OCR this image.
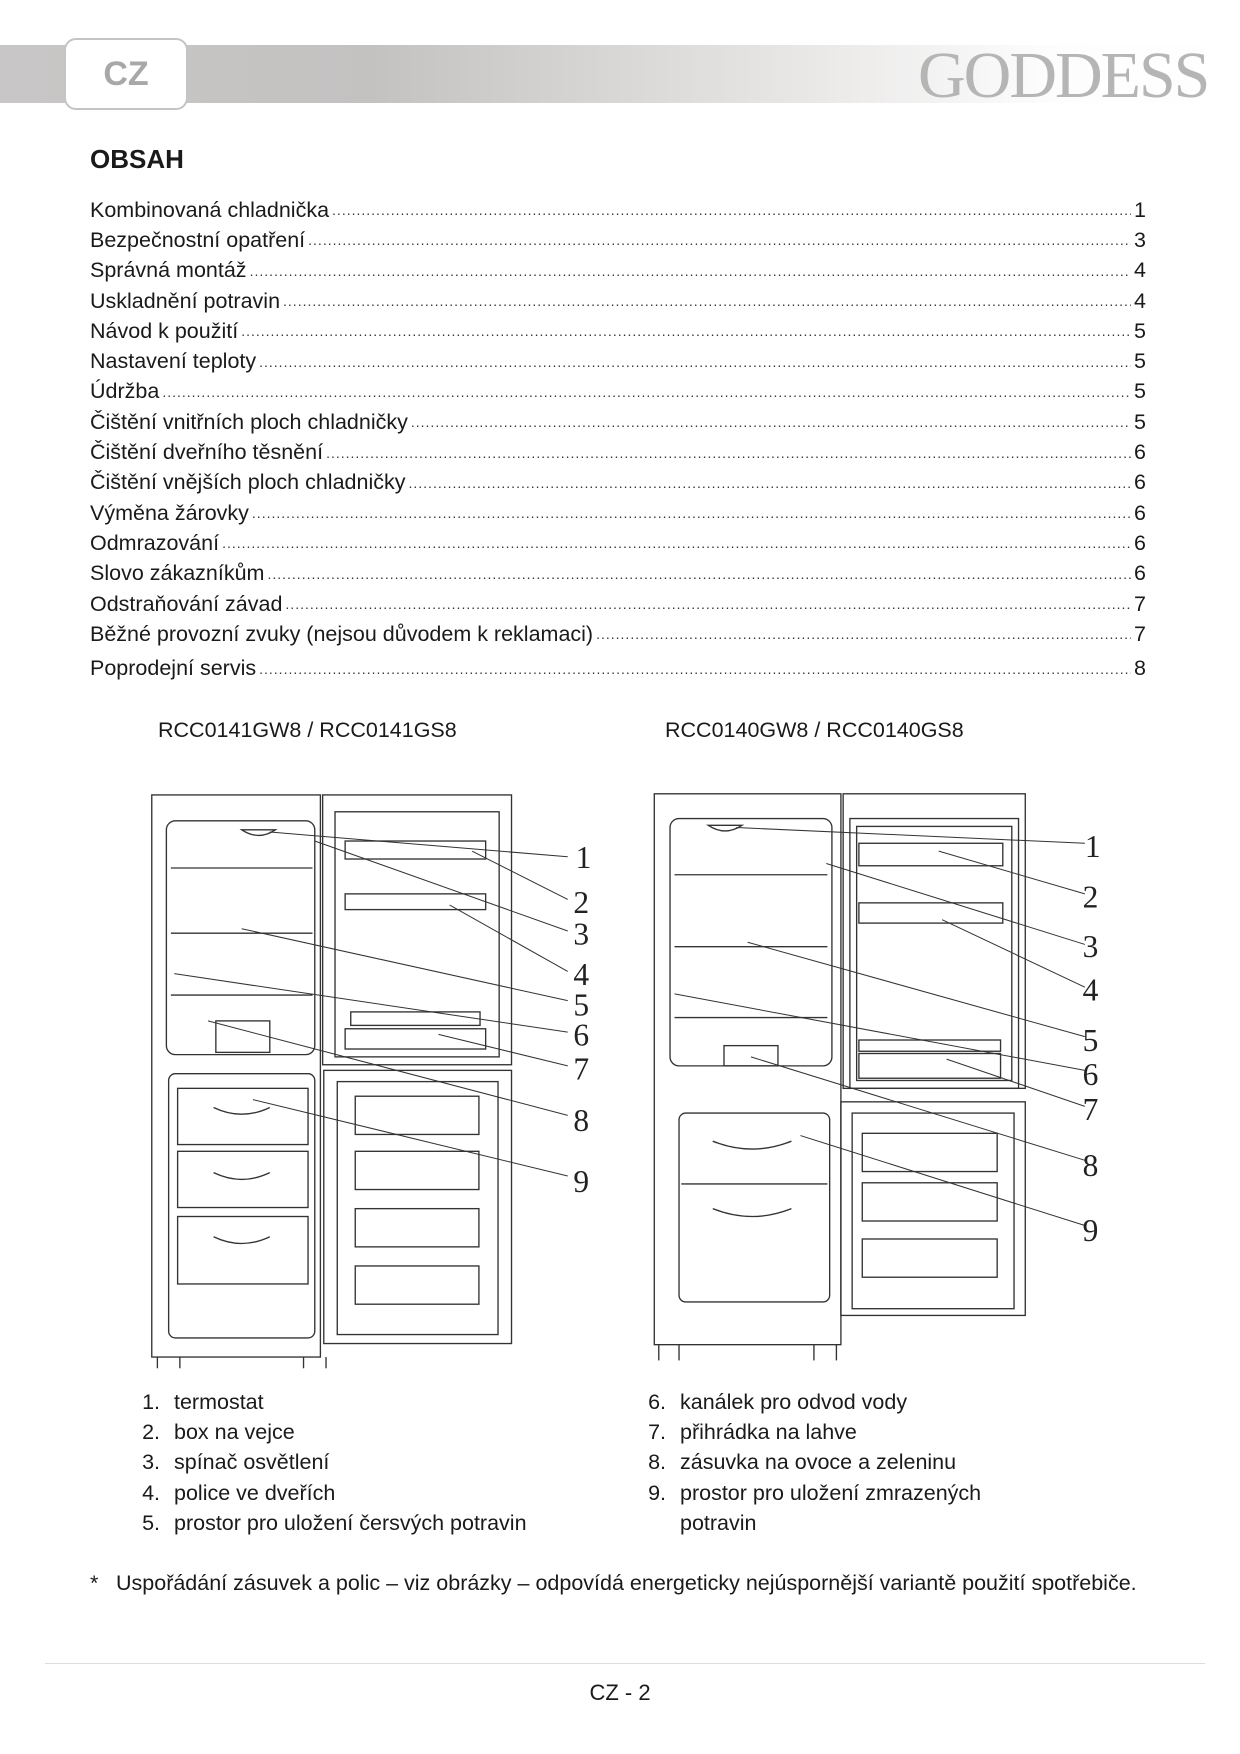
CZ	GODDESS
OBSAH
Kombinovaná chladnička .....	1
Bezpečnostní opatření .....	3
Správná montáž .....	4
Uskladnění potravin .....	4
Návod k použití .....	5
Nastavení teploty .....	5
Údržba .....	5
Čištění vnitřních ploch chladničky .....	5
Čištění dveřního těsnění .....	6
Čištění vnějších ploch chladničky .....	6
Výměna žárovky .....	6
Odmrazování .....	6
Slovo zákazníkům .....	6
Odstraňování závad .....	7
Běžné provozní zvuky (nejsou důvodem k reklamaci) .....	7
Poprodejní servis .....	8
RCC0141GW8 / RCC0141GS8	RCC0140GW8 / RCC0140GS8
1
2
3
4
5
6
7
8
9
1
2
3
4
5
6
7
8
9
1. termostat
2. box na vejce
3. spínač osvětlení
4. police ve dveřích
5. prostor pro uložení čersvých potravin
6. kanálek pro odvod vody
7. přihrádka na lahve
8. zásuvka na ovoce a zeleninu
9. prostor pro uložení zmrazených
potravin
* Uspořádání zásuvek a polic – viz obrázky – odpovídá energeticky nejúspornější variantě použití spotřebiče.
CZ - 2
